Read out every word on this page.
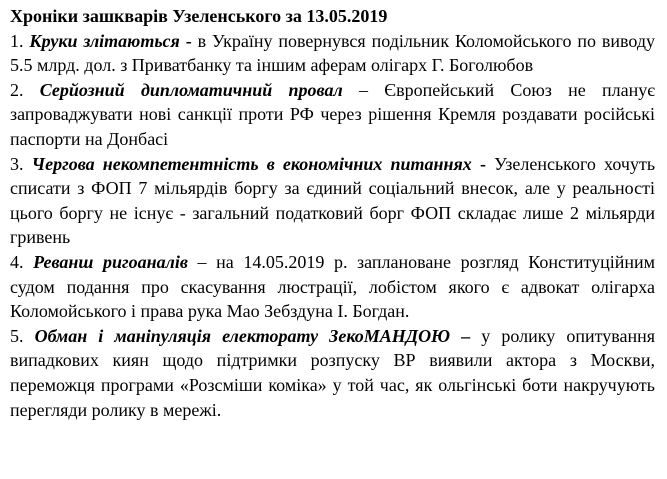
Хроніки зашкварів Узеленського за 13.05.2019

1. Круки злітаються - в Україну повернувся подільник Коломойського по виводу 5.5 млрд. дол. з Приватбанку та іншим аферам олігарх Г. Боголюбов

2. Серйозний дипломатичний провал – Європейський Союз не планує запроваджувати нові санкції проти РФ через рішення Кремля роздавати російські паспорти на Донбасі

3. Чергова некомпетентність в економічних питаннях - Узеленського хочуть списати з ФОП 7 мільярдів боргу за єдиний соціальний внесок, але у реальності цього боргу не існує - загальний податковий борг ФОП складає лише 2 мільярди гривень

4. Реванш ригоаналів – на 14.05.2019 р. заплановане розгляд Конституційним судом подання про скасування люстрації, лобістом якого є адвокат олігарха Коломойського і права рука Мао Зебздуна І. Богдан.

5. Обман і маніпуляція електорату ЗекоМАНДОЮ – у ролику опитування випадкових киян щодо підтримки розпуску ВР виявили актора з Москви, переможця програми «Розсміши коміка» у той час, як ольгінські боти накручують перегляди ролику в мережі.
